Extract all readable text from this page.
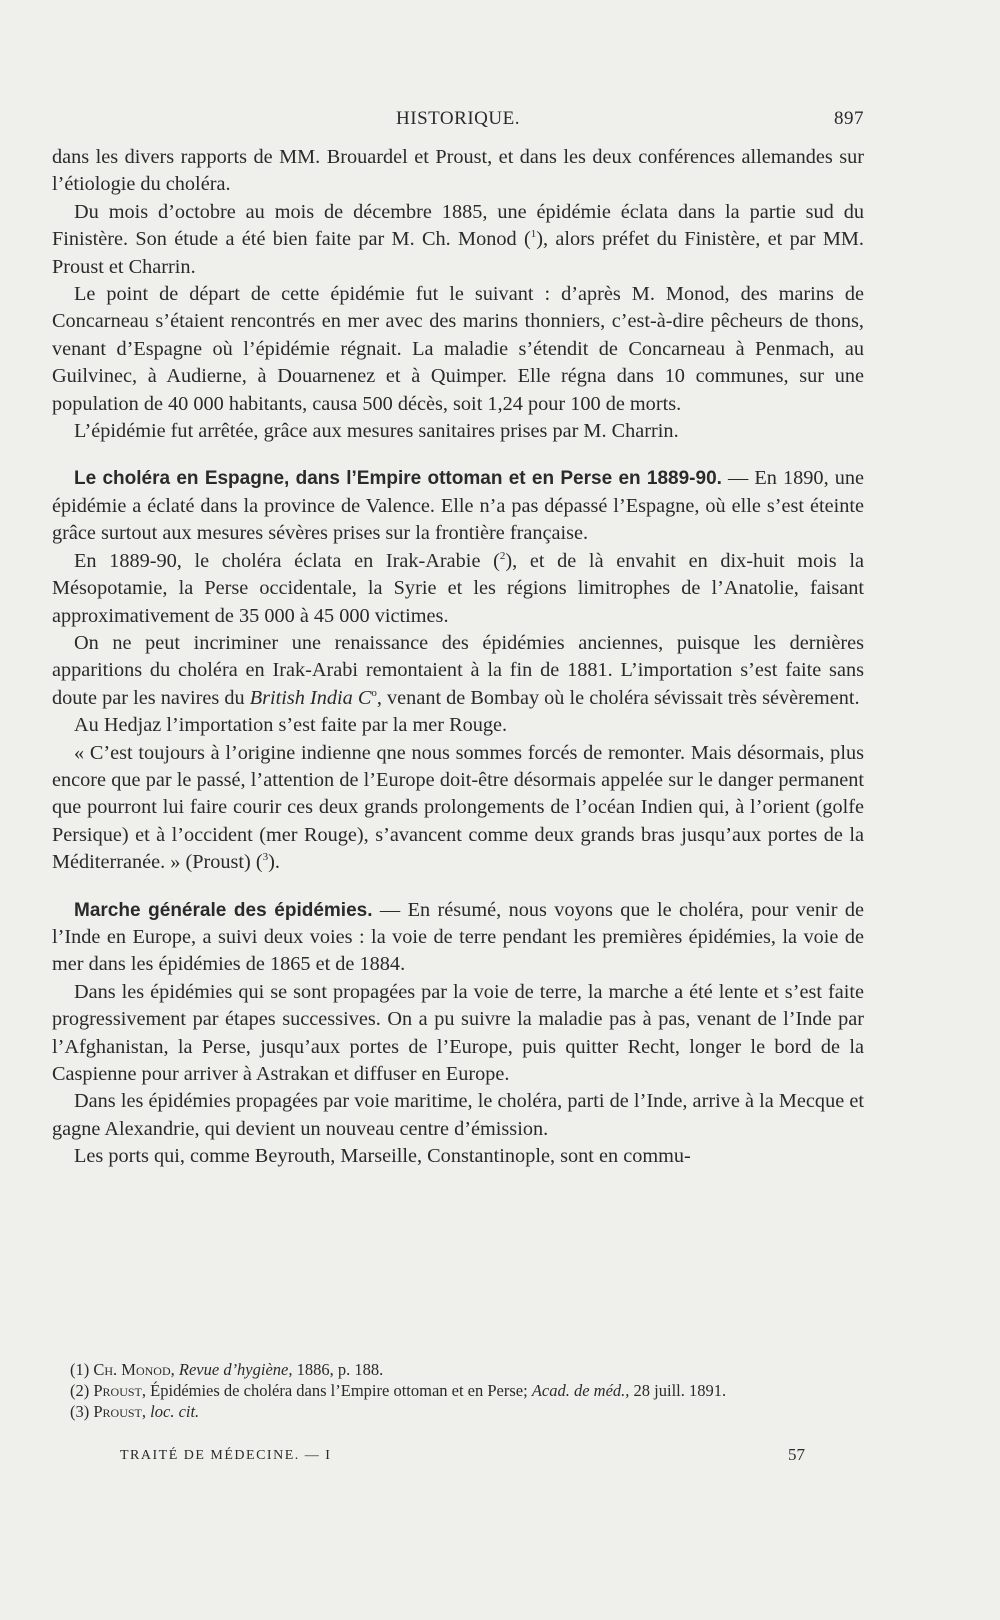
HISTORIQUE.	897

dans les divers rapports de MM. Brouardel et Proust, et dans les deux conférences allemandes sur l’étiologie du choléra.

Du mois d’octobre au mois de décembre 1885, une épidémie éclata dans la partie sud du Finistère. Son étude a été bien faite par M. Ch. Monod ($^1$), alors préfet du Finistère, et par MM. Proust et Charrin.

Le point de départ de cette épidémie fut le suivant : d’après M. Monod, des marins de Concarneau s’étaient rencontrés en mer avec des marins thonniers, c’est-à-dire pêcheurs de thons, venant d’Espagne où l’épidémie régnait. La maladie s’étendit de Concarneau à Penmach, au Guilvinec, à Audierne, à Douarnenez et à Quimper. Elle régna dans 10 communes, sur une population de 40 000 habitants, causa 500 décès, soit 1,24 pour 100 de morts.

L’épidémie fut arrêtée, grâce aux mesures sanitaires prises par M. Charrin.

Le choléra en Espagne, dans l’Empire ottoman et en Perse en 1889-90. — En 1890, une épidémie a éclaté dans la province de Valence. Elle n’a pas dépassé l’Espagne, où elle s’est éteinte grâce surtout aux mesures sévères prises sur la frontière française.

En 1889-90, le choléra éclata en Irak-Arabie ($^2$), et de là envahit en dix-huit mois la Mésopotamie, la Perse occidentale, la Syrie et les régions limitrophes de l’Anatolie, faisant approximativement de 35 000 à 45 000 victimes.

On ne peut incriminer une renaissance des épidémies anciennes, puisque les dernières apparitions du choléra en Irak-Arabi remontaient à la fin de 1881. L’importation s’est faite sans doute par les navires du British India $C^o$, venant de Bombay où le choléra sévissait très sévèrement.

Au Hedjaz l’importation s’est faite par la mer Rouge.

« C’est toujours à l’origine indienne qne nous sommes forcés de remonter. Mais désormais, plus encore que par le passé, l’attention de l’Europe doit-être désormais appelée sur le danger permanent que pourront lui faire courir ces deux grands prolongements de l’océan Indien qui, à l’orient (golfe Persique) et à l’occident (mer Rouge), s’avancent comme deux grands bras jusqu’aux portes de la Méditerranée. » (Proust) ($^3$).

Marche générale des épidémies. — En résumé, nous voyons que le choléra, pour venir de l’Inde en Europe, a suivi deux voies : la voie de terre pendant les premières épidémies, la voie de mer dans les épidémies de 1865 et de 1884.

Dans les épidémies qui se sont propagées par la voie de terre, la marche a été lente et s’est faite progressivement par étapes successives. On a pu suivre la maladie pas à pas, venant de l’Inde par l’Afghanistan, la Perse, jusqu’aux portes de l’Europe, puis quitter Recht, longer le bord de la Caspienne pour arriver à Astrakan et diffuser en Europe.

Dans les épidémies propagées par voie maritime, le choléra, parti de l’Inde, arrive à la Mecque et gagne Alexandrie, qui devient un nouveau centre d’émission.

Les ports qui, comme Beyrouth, Marseille, Constantinople, sont en commu-

(1) Ch. Monod, Revue d’hygiène, 1886, p. 188.

(2) Proust, Épidémies de choléra dans l’Empire ottoman et en Perse; Acad. de méd., 28 juill. 1891.

(3) Proust, loc. cit.

TRAITÉ DE MÉDECINE. — I	57
